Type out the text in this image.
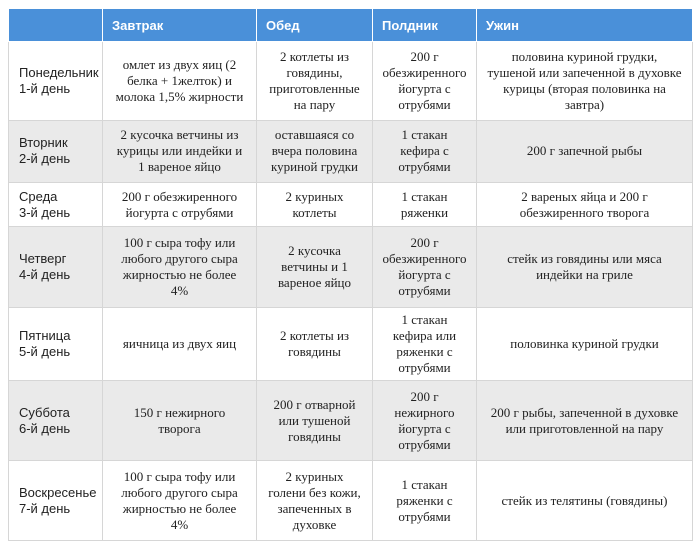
	Завтрак	Обед	Полдник	Ужин

Понедельник
1-й день	омлет из двух яиц (2
белка + 1желток) и
молока 1,5% жирности	2 котлеты из
говядины,
приготовленные
на пару	200 г
обезжиренного
йогурта с
отрубями	половина куриной грудки,
тушеной или запеченной в духовке
курицы (вторая половинка на
завтра)

Вторник
2-й день	2 кусочка ветчины из
курицы или индейки и
1 вареное яйцо	оставшаяся со
вчера половина
куриной грудки	1 стакан
кефира с
отрубями	200 г запечной рыбы

Среда
3-й день	200 г обезжиренного
йогурта с отрубями	2 куриных
котлеты	1 стакан
ряженки	2 вареных яйца и 200 г
обезжиренного творога

Четверг
4-й день	100 г сыра тофу или
любого другого сыра
жирностью не более
4%	2 кусочка
ветчины и 1
вареное яйцо	200 г
обезжиренного
йогурта с
отрубями	стейк из говядины или мяса
индейки на гриле

Пятница
5-й день	яичница из двух яиц	2 котлеты из
говядины	1 стакан
кефира или
ряженки с
отрубями	половинка куриной грудки

Суббота
6-й день	150 г нежирного
творога	200 г отварной
или тушеной
говядины	200 г
нежирного
йогурта с
отрубями	200 г рыбы, запеченной в духовке
или приготовленной на пару

Воскресенье
7-й день	100 г сыра тофу или
любого другого сыра
жирностью не более
4%	2 куриных
голени без кожи,
запеченных в
духовке	1 стакан
ряженки с
отрубями	стейк из телятины (говядины)
